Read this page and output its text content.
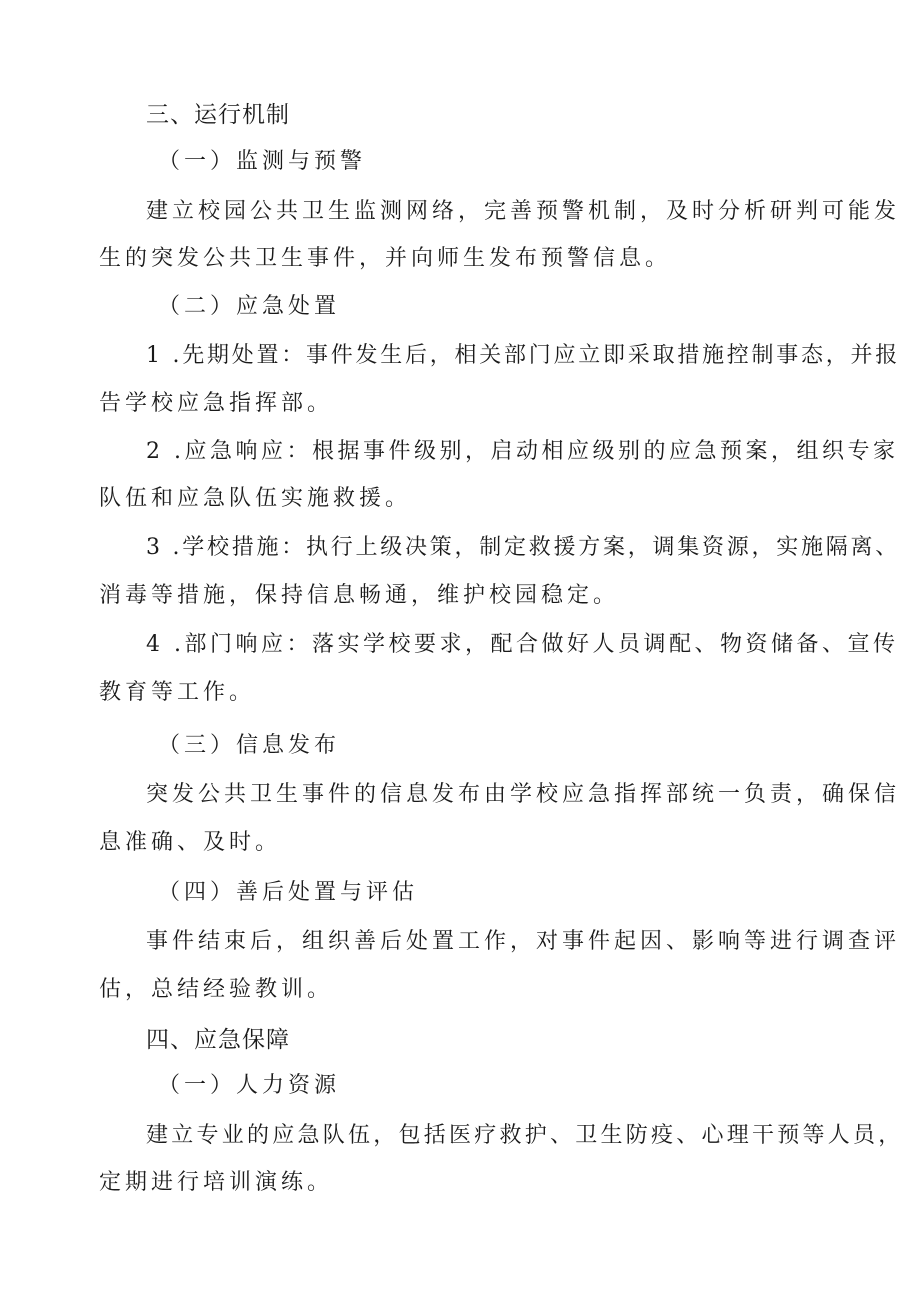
三、运行机制
（一）监测与预警
建立校园公共卫生监测网络，完善预警机制，及时分析研判可能发
生的突发公共卫生事件，并向师生发布预警信息。
（二）应急处置
1 .先期处置：事件发生后，相关部门应立即采取措施控制事态，并报
告学校应急指挥部。
2 .应急响应：根据事件级别，启动相应级别的应急预案，组织专家
队伍和应急队伍实施救援。
3 .学校措施：执行上级决策，制定救援方案，调集资源，实施隔离、
消毒等措施，保持信息畅通，维护校园稳定。
4 .部门响应：落实学校要求，配合做好人员调配、物资储备、宣传
教育等工作。
（三）信息发布
突发公共卫生事件的信息发布由学校应急指挥部统一负责，确保信
息准确、及时。
（四）善后处置与评估
事件结束后，组织善后处置工作，对事件起因、影响等进行调查评
估，总结经验教训。
四、应急保障
（一）人力资源
建立专业的应急队伍，包括医疗救护、卫生防疫、心理干预等人员，
定期进行培训演练。
